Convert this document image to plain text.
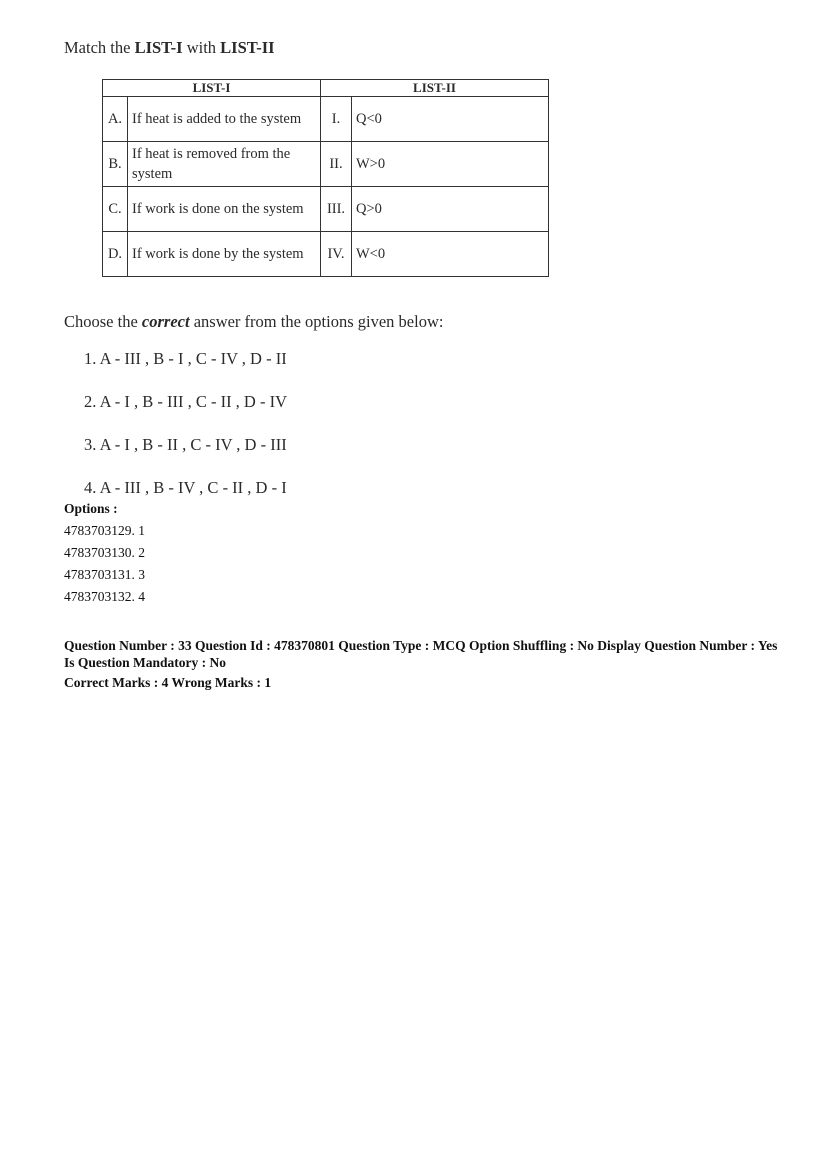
Match the LIST-I with LIST-II

LIST-I		LIST-II	
A.	If heat is added to the system	I.	Q<0
B.	If heat is removed from the system	II.	W>0
C.	If work is done on the system	III.	Q>0
D.	If work is done by the system	IV.	W<0

Choose the correct answer from the options given below:

1. A - III , B - I , C - IV , D - II
2. A - I , B - III , C - II , D - IV
3. A - I , B - II , C - IV , D - III
4. A - III , B - IV , C - II , D - I
Options :
4783703129. 1
4783703130. 2
4783703131. 3
4783703132. 4
Question Number : 33 Question Id : 478370801 Question Type : MCQ Option Shuffling : No Display Question Number : Yes Is Question Mandatory : No
Correct Marks : 4 Wrong Marks : 1
